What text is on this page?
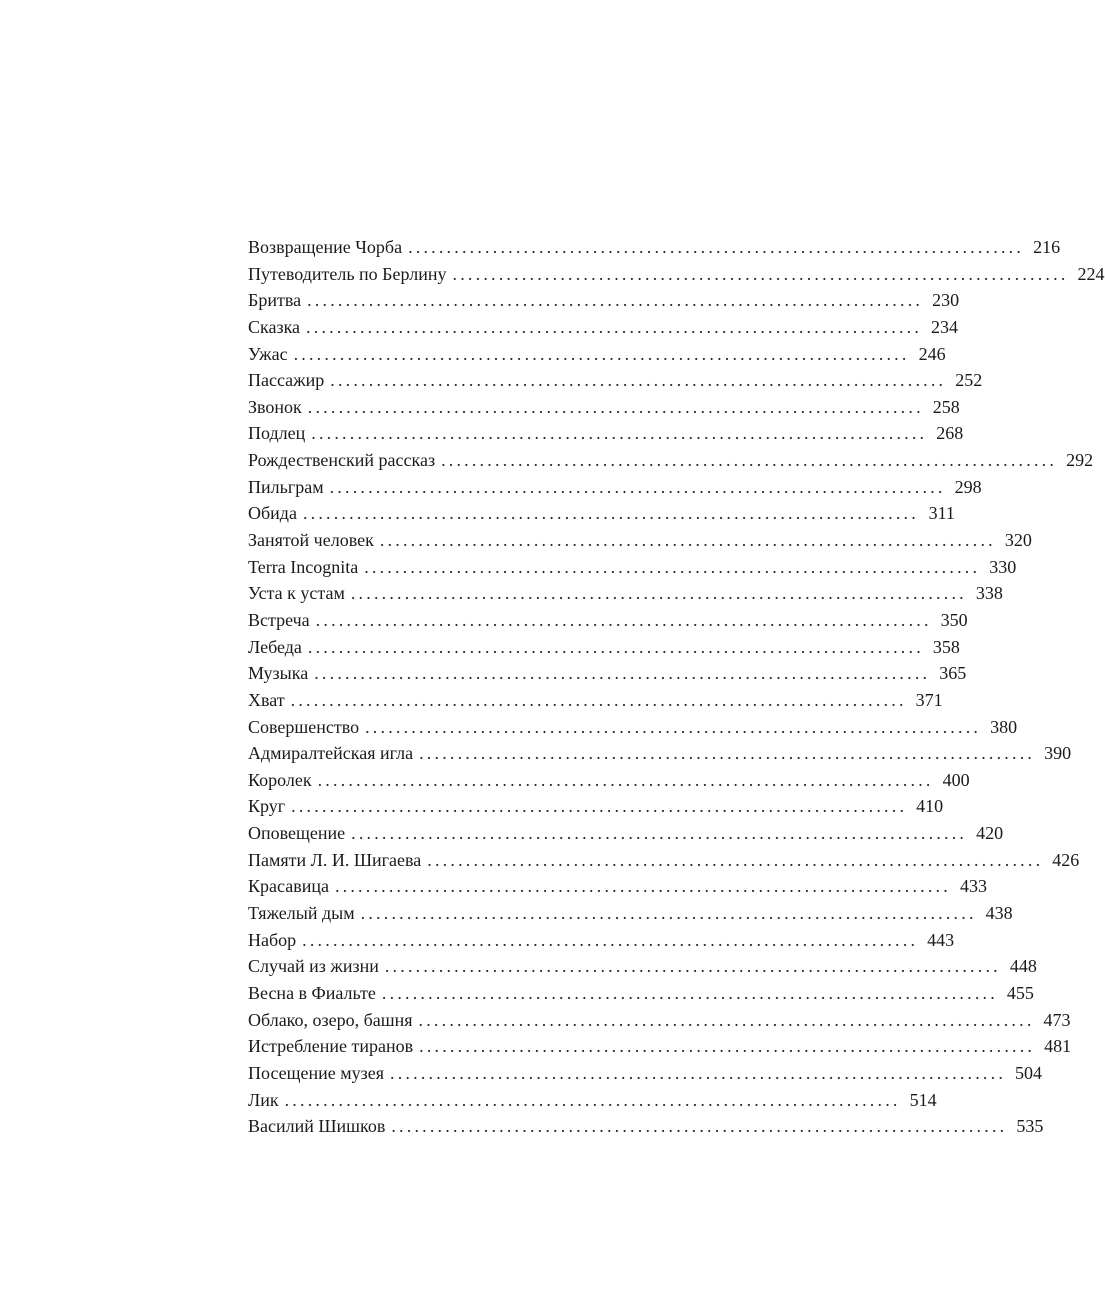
Возвращение Чорба ................................................................................ 216
Путеводитель по Берлину ................................................................................ 224
Бритва ................................................................................ 230
Сказка ................................................................................ 234
Ужас ................................................................................ 246
Пассажир ................................................................................ 252
Звонок ................................................................................ 258
Подлец ................................................................................ 268
Рождественский рассказ ................................................................................ 292
Пильграм ................................................................................ 298
Обида ................................................................................ 311
Занятой человек ................................................................................ 320
Terra Incognita ................................................................................ 330
Уста к устам ................................................................................ 338
Встреча ................................................................................ 350
Лебеда ................................................................................ 358
Музыка ................................................................................ 365
Хват ................................................................................ 371
Совершенство ................................................................................ 380
Адмиралтейская игла ................................................................................ 390
Королек ................................................................................ 400
Круг ................................................................................ 410
Оповещение ................................................................................ 420
Памяти Л. И. Шигаева ................................................................................ 426
Красавица ................................................................................ 433
Тяжелый дым ................................................................................ 438
Набор ................................................................................ 443
Случай из жизни ................................................................................ 448
Весна в Фиальте ................................................................................ 455
Облако, озеро, башня ................................................................................ 473
Истребление тиранов ................................................................................ 481
Посещение музея ................................................................................ 504
Лик ................................................................................ 514
Василий Шишков ................................................................................ 535
